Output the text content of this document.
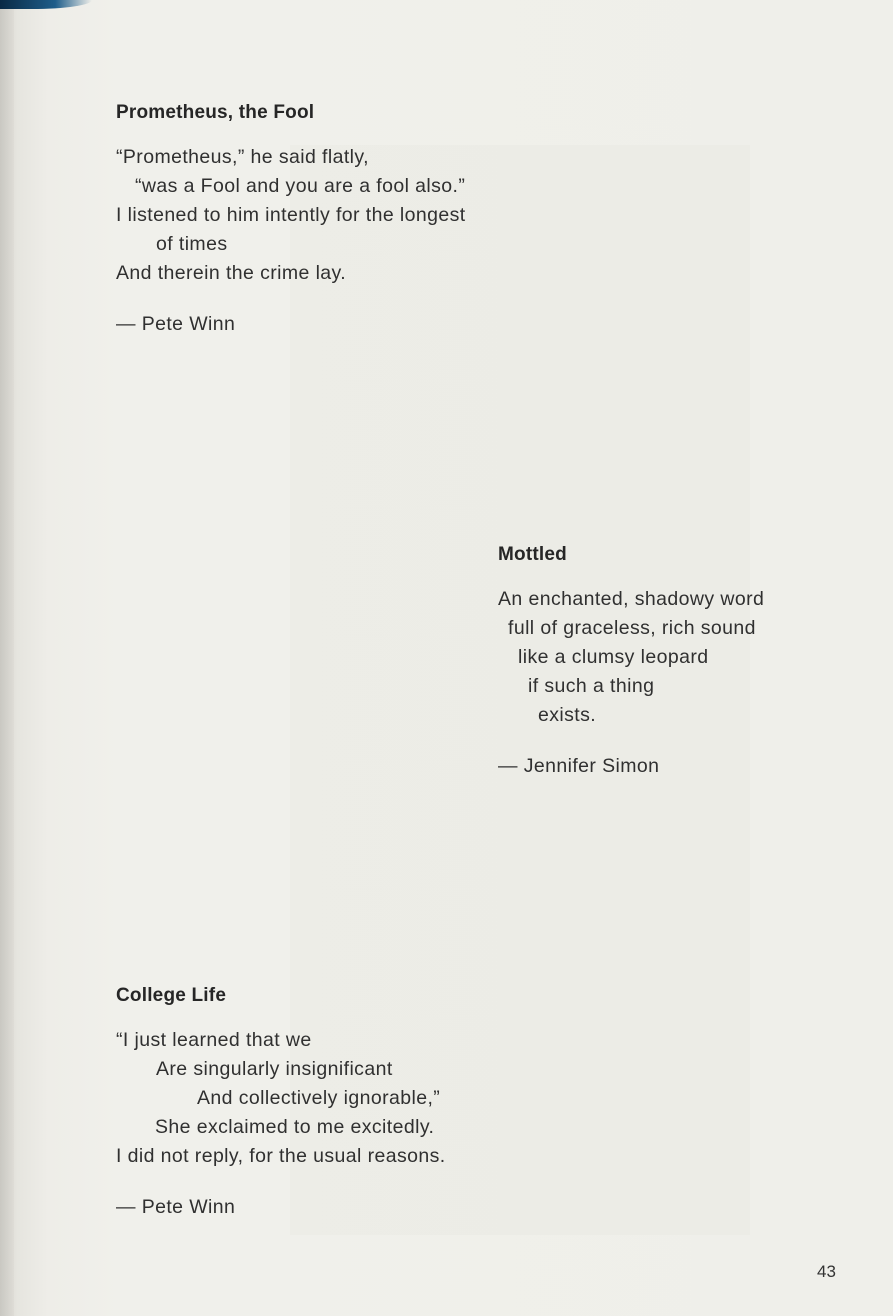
Prometheus, the Fool
“Prometheus,” he said flatly,
“was a Fool and you are a fool also.”
I listened to him intently for the longest
of times
And therein the crime lay.
— Pete Winn
Mottled
An enchanted, shadowy word
full of graceless, rich sound
like a clumsy leopard
if such a thing
exists.
— Jennifer Simon
College Life
“I just learned that we
Are singularly insignificant
And collectively ignorable,”
She exclaimed to me excitedly.
I did not reply, for the usual reasons.
— Pete Winn
43
